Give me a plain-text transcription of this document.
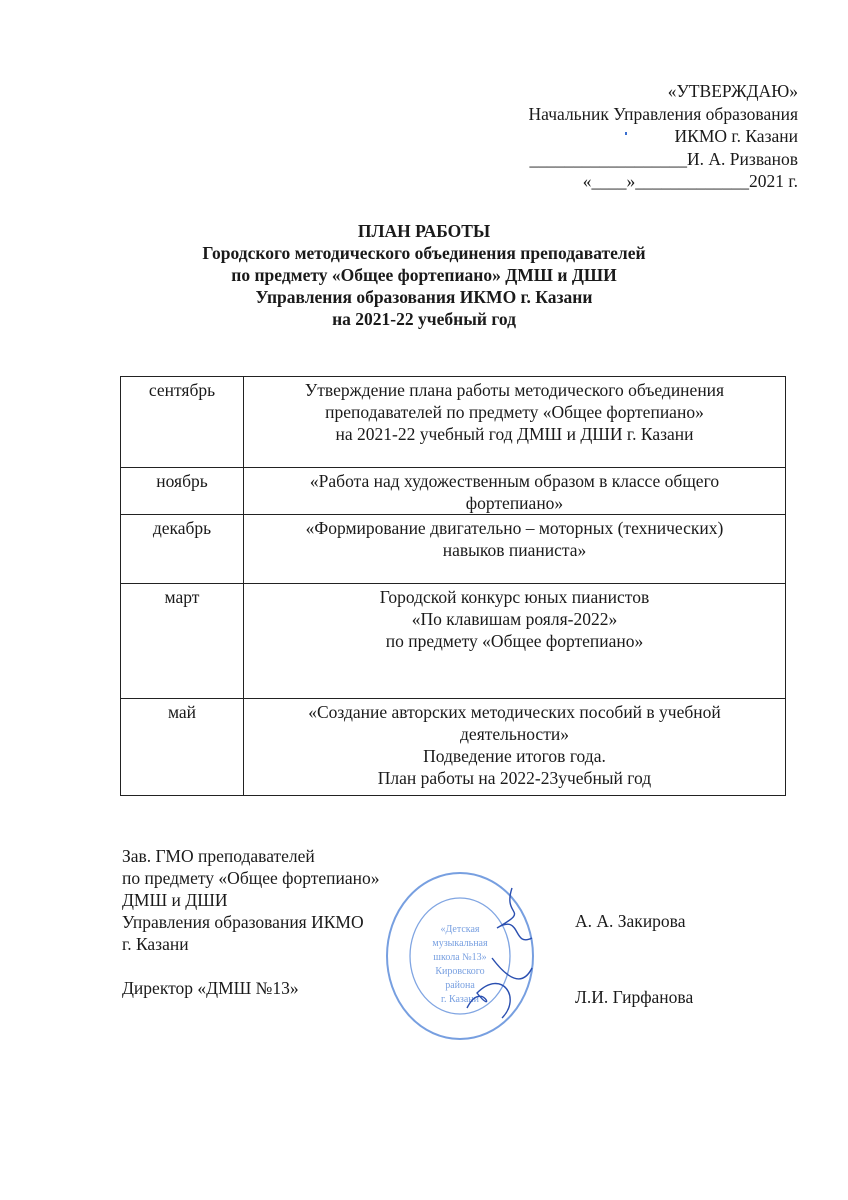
«УТВЕРЖДАЮ»
Начальник Управления образования
ИКМО г. Казани
__________________И. А. Ризванов
«____»_____________2021 г.
ПЛАН РАБОТЫ
Городского методического объединения преподавателей
по предмету «Общее фортепиано» ДМШ и ДШИ
Управления образования ИКМО г. Казани
на 2021-22 учебный год
сентябрь	Утверждение плана работы методического объединения
преподавателей по предмету «Общее фортепиано»
на 2021-22 учебный год ДМШ и ДШИ г. Казани

ноябрь	«Работа над художественным образом в классе общего
фортепиано»

декабрь	«Формирование двигательно – моторных (технических)
навыков пианиста»

март	Городской конкурс юных пианистов
«По клавишам рояля-2022»
по предмету «Общее фортепиано»

май	«Создание авторских методических пособий в учебной
деятельности»
Подведение итогов года.
План работы на 2022-23учебный год
Зав. ГМО преподавателей
по предмету «Общее фортепиано»
ДМШ и ДШИ
Управления образования ИКМО
г. Казани
Директор «ДМШ №13»
А. А. Закирова
Л.И. Гирфанова
«Детская
музыкальная
школа №13»
Кировского
района
г. Казани
